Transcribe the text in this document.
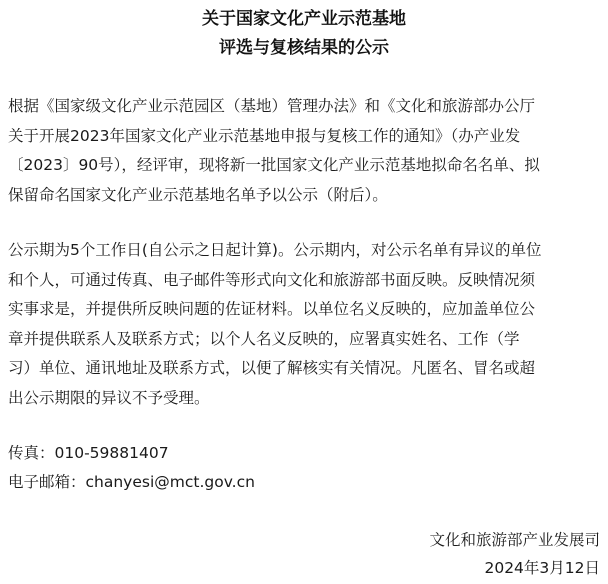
关于国家文化产业示范基地
评选与复核结果的公示

根据《国家级文化产业示范园区（基地）管理办法》和《文化和旅游部办公厅
关于开展2023年国家文化产业示范基地申报与复核工作的通知》（办产业发
〔2023〕90号），经评审，现将新一批国家文化产业示范基地拟命名名单、拟
保留命名国家文化产业示范基地名单予以公示（附后）。

公示期为5个工作日(自公示之日起计算)。公示期内，对公示名单有异议的单位
和个人，可通过传真、电子邮件等形式向文化和旅游部书面反映。反映情况须
实事求是，并提供所反映问题的佐证材料。以单位名义反映的，应加盖单位公
章并提供联系人及联系方式；以个人名义反映的，应署真实姓名、工作（学
习）单位、通讯地址及联系方式，以便了解核实有关情况。凡匿名、冒名或超
出公示期限的异议不予受理。

传真：010-59881407

电子邮箱：chanyesi@mct.gov.cn

文化和旅游部产业发展司

2024年3月12日
